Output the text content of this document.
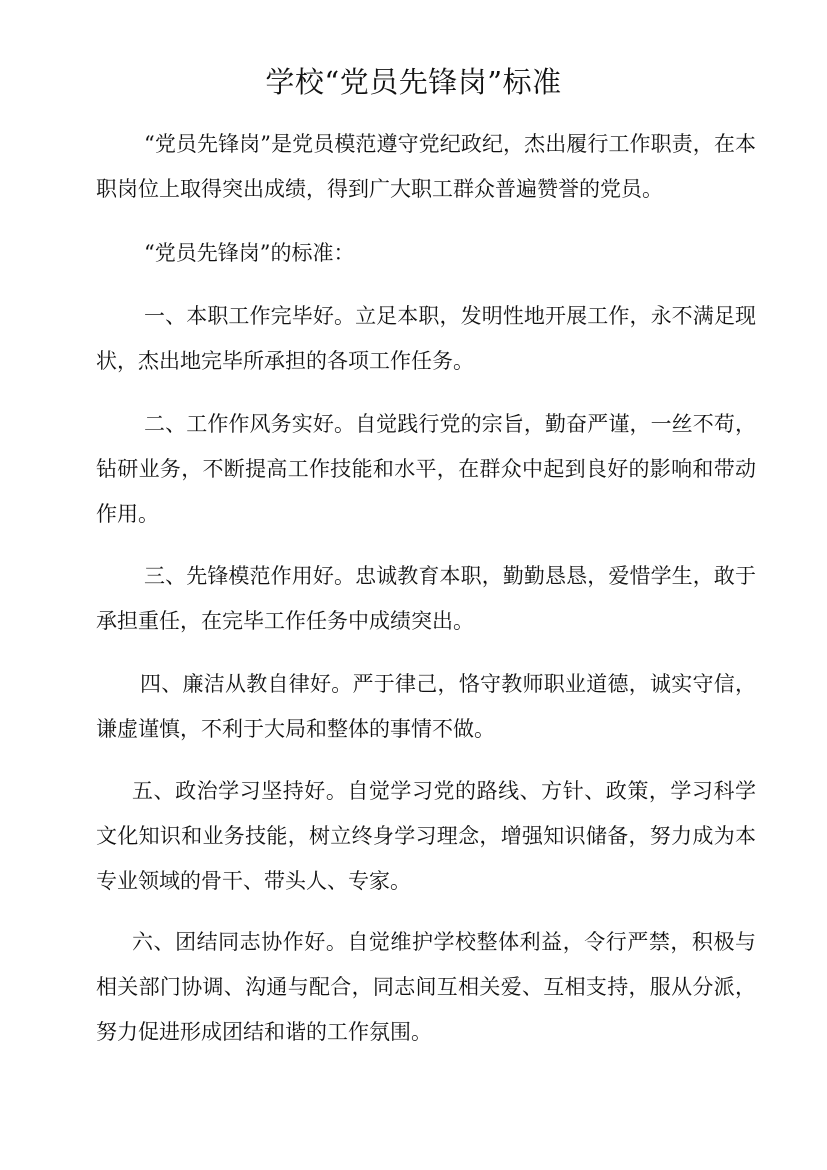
学校“党员先锋岗”标准

“党员先锋岗”是党员模范遵守党纪政纪，杰出履行工作职责，在本职岗位上取得突出成绩，得到广大职工群众普遍赞誉的党员。

“党员先锋岗”的标准：

一、本职工作完毕好。立足本职，发明性地开展工作，永不满足现状，杰出地完毕所承担的各项工作任务。

二、工作作风务实好。自觉践行党的宗旨，勤奋严谨，一丝不苟，钻研业务，不断提高工作技能和水平，在群众中起到良好的影响和带动作用。

三、先锋模范作用好。忠诚教育本职，勤勤恳恳，爱惜学生，敢于承担重任，在完毕工作任务中成绩突出。

四、廉洁从教自律好。严于律己，恪守教师职业道德，诚实守信，谦虚谨慎，不利于大局和整体的事情不做。

五、政治学习坚持好。自觉学习党的路线、方针、政策，学习科学文化知识和业务技能，树立终身学习理念，增强知识储备，努力成为本专业领域的骨干、带头人、专家。

六、团结同志协作好。自觉维护学校整体利益，令行严禁，积极与相关部门协调、沟通与配合，同志间互相关爱、互相支持，服从分派，努力促进形成团结和谐的工作氛围。
